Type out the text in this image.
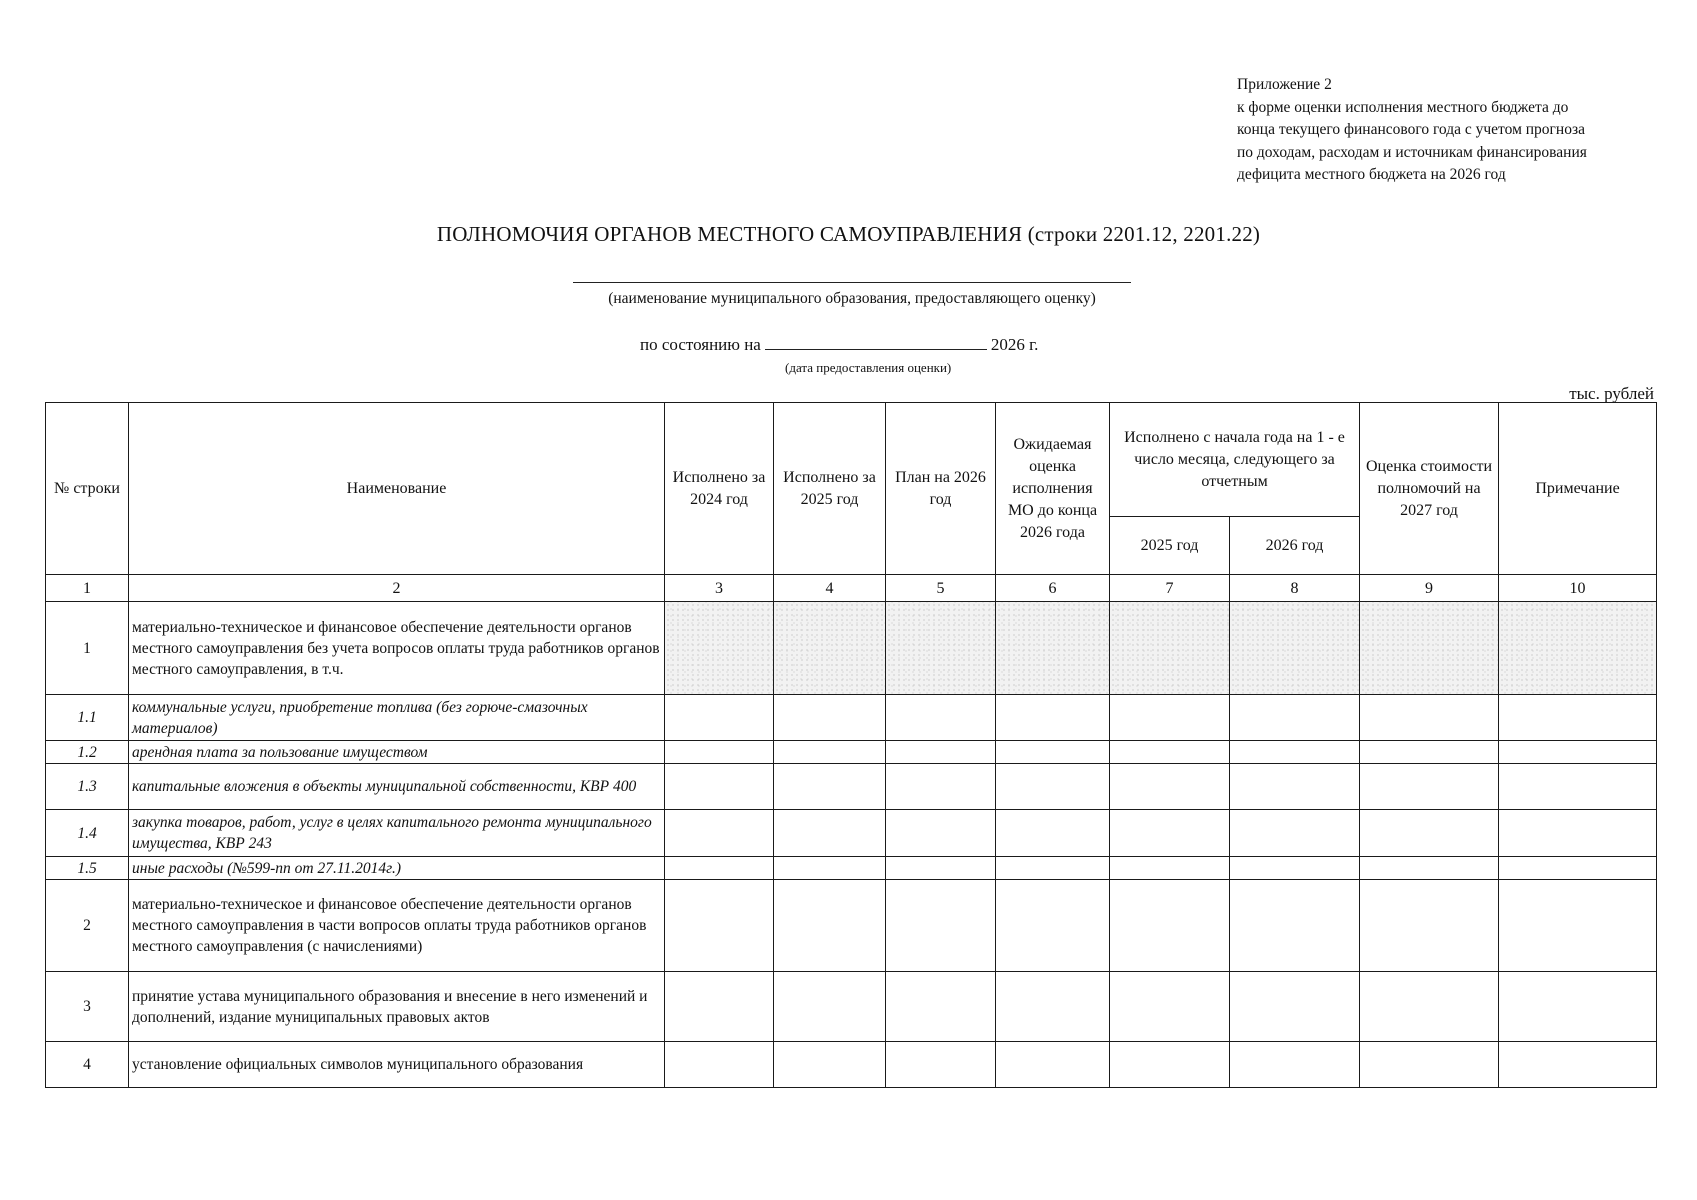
Приложение 2
к форме оценки исполнения местного бюджета до
конца текущего финансового года с учетом прогноза
по доходам, расходам и источникам финансирования
дефицита местного бюджета на 2026 год
ПОЛНОМОЧИЯ ОРГАНОВ МЕСТНОГО САМОУПРАВЛЕНИЯ (строки 2201.12, 2201.22)
(наименование муниципального образования, предоставляющего оценку)
по состоянию на	2026 г.
(дата предоставления оценки)
тыс. рублей
№ строки	Наименование	Исполнено за 2024 год	Исполнено за 2025 год	План на 2026 год	Ожидаемая оценка исполнения МО до конца 2026 года	Исполнено с начала года на 1 - е число месяца, следующего за отчетным		Оценка стоимости полномочий на 2027 год	Примечание
						2025 год	2026 год		
1	2	3	4	5	6	7	8	9	10
1	материально-техническое и финансовое обеспечение деятельности органов местного самоуправления без учета вопросов оплаты труда работников органов местного самоуправления, в т.ч.								
1.1	коммунальные услуги, приобретение топлива (без горюче-смазочных материалов)								
1.2	арендная плата за пользование имуществом								
1.3	капитальные вложения в объекты муниципальной собственности, КВР 400								
1.4	закупка товаров, работ, услуг в целях капитального ремонта муниципального имущества, КВР 243								
1.5	иные расходы (№599-пп от 27.11.2014г.)								
2	материально-техническое и финансовое обеспечение деятельности органов местного самоуправления в части вопросов оплаты труда работников органов местного самоуправления (с начислениями)								
3	принятие устава муниципального образования и внесение в него изменений и дополнений, издание муниципальных правовых актов								
4	установление официальных символов муниципального образования								
